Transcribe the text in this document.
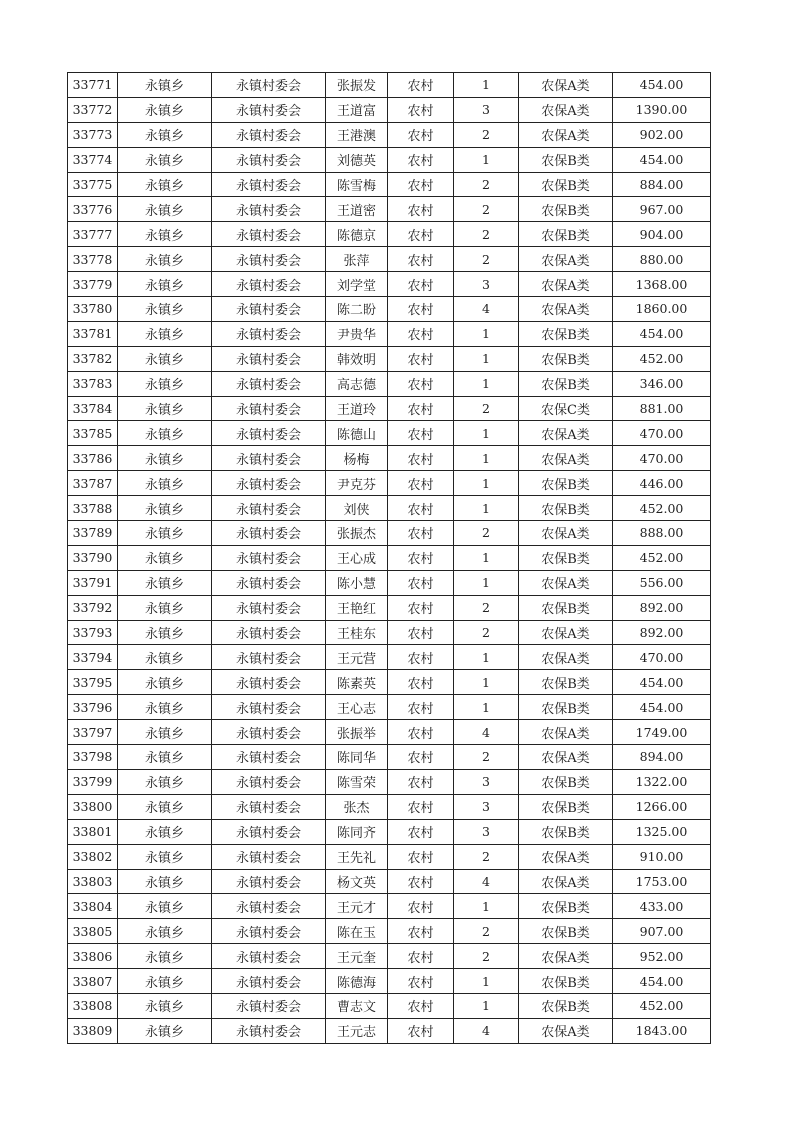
33771	永镇乡	永镇村委会	张振发	农村	1	农保A类	454.00
33772	永镇乡	永镇村委会	王道富	农村	3	农保A类	1390.00
33773	永镇乡	永镇村委会	王港澳	农村	2	农保A类	902.00
33774	永镇乡	永镇村委会	刘德英	农村	1	农保B类	454.00
33775	永镇乡	永镇村委会	陈雪梅	农村	2	农保B类	884.00
33776	永镇乡	永镇村委会	王道密	农村	2	农保B类	967.00
33777	永镇乡	永镇村委会	陈德京	农村	2	农保B类	904.00
33778	永镇乡	永镇村委会	张萍	农村	2	农保A类	880.00
33779	永镇乡	永镇村委会	刘学堂	农村	3	农保A类	1368.00
33780	永镇乡	永镇村委会	陈二盼	农村	4	农保A类	1860.00
33781	永镇乡	永镇村委会	尹贵华	农村	1	农保B类	454.00
33782	永镇乡	永镇村委会	韩效明	农村	1	农保B类	452.00
33783	永镇乡	永镇村委会	高志德	农村	1	农保B类	346.00
33784	永镇乡	永镇村委会	王道玲	农村	2	农保C类	881.00
33785	永镇乡	永镇村委会	陈德山	农村	1	农保A类	470.00
33786	永镇乡	永镇村委会	杨梅	农村	1	农保A类	470.00
33787	永镇乡	永镇村委会	尹克芬	农村	1	农保B类	446.00
33788	永镇乡	永镇村委会	刘侠	农村	1	农保B类	452.00
33789	永镇乡	永镇村委会	张振杰	农村	2	农保A类	888.00
33790	永镇乡	永镇村委会	王心成	农村	1	农保B类	452.00
33791	永镇乡	永镇村委会	陈小慧	农村	1	农保A类	556.00
33792	永镇乡	永镇村委会	王艳红	农村	2	农保B类	892.00
33793	永镇乡	永镇村委会	王桂东	农村	2	农保A类	892.00
33794	永镇乡	永镇村委会	王元营	农村	1	农保A类	470.00
33795	永镇乡	永镇村委会	陈素英	农村	1	农保B类	454.00
33796	永镇乡	永镇村委会	王心志	农村	1	农保B类	454.00
33797	永镇乡	永镇村委会	张振举	农村	4	农保A类	1749.00
33798	永镇乡	永镇村委会	陈同华	农村	2	农保A类	894.00
33799	永镇乡	永镇村委会	陈雪荣	农村	3	农保B类	1322.00
33800	永镇乡	永镇村委会	张杰	农村	3	农保B类	1266.00
33801	永镇乡	永镇村委会	陈同齐	农村	3	农保B类	1325.00
33802	永镇乡	永镇村委会	王先礼	农村	2	农保A类	910.00
33803	永镇乡	永镇村委会	杨文英	农村	4	农保A类	1753.00
33804	永镇乡	永镇村委会	王元才	农村	1	农保B类	433.00
33805	永镇乡	永镇村委会	陈在玉	农村	2	农保B类	907.00
33806	永镇乡	永镇村委会	王元奎	农村	2	农保A类	952.00
33807	永镇乡	永镇村委会	陈德海	农村	1	农保B类	454.00
33808	永镇乡	永镇村委会	曹志文	农村	1	农保B类	452.00
33809	永镇乡	永镇村委会	王元志	农村	4	农保A类	1843.00
